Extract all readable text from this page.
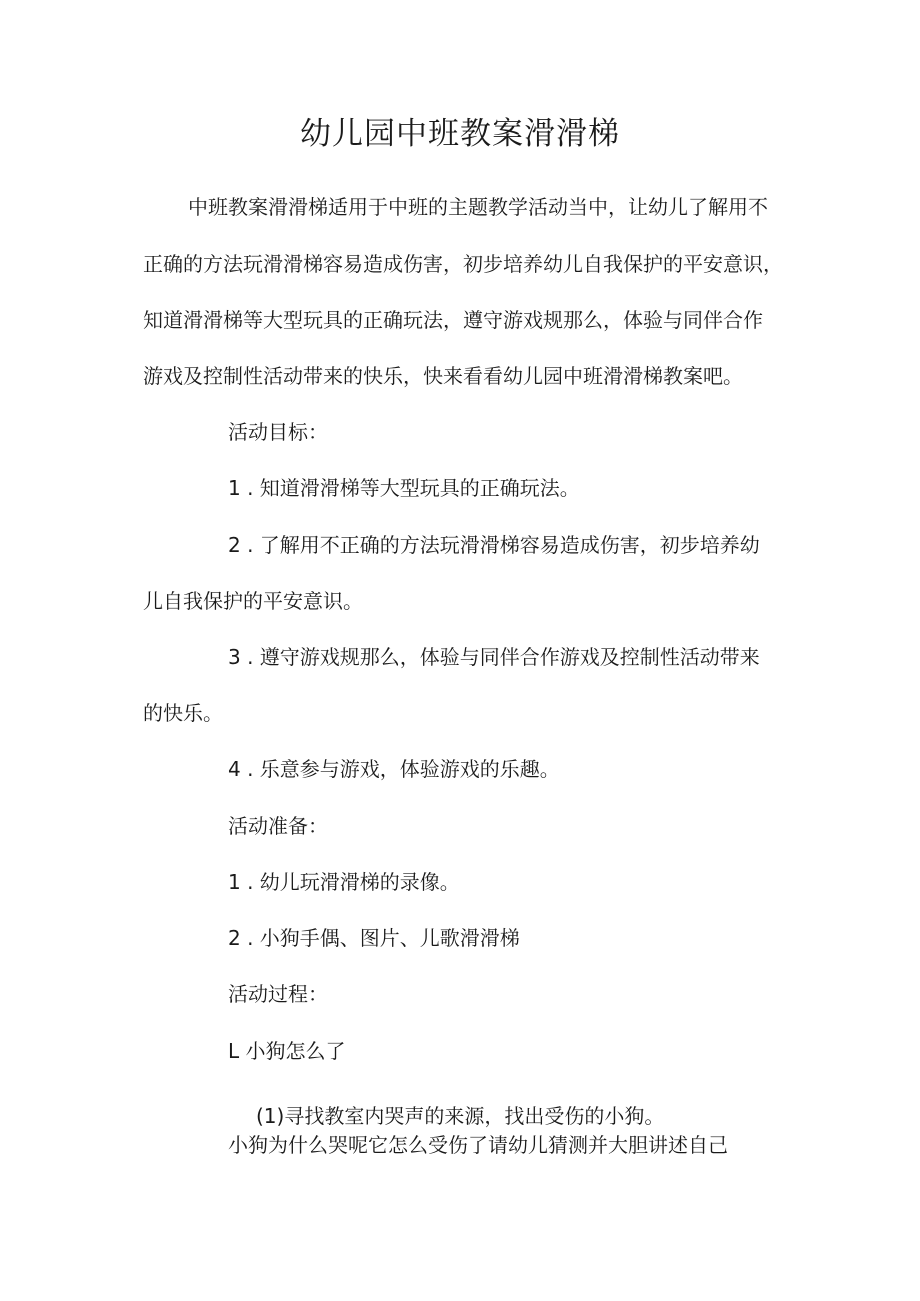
幼儿园中班教案滑滑梯
中班教案滑滑梯适用于中班的主题教学活动当中，让幼儿了解用不
正确的方法玩滑滑梯容易造成伤害，初步培养幼儿自我保护的平安意识，
知道滑滑梯等大型玩具的正确玩法，遵守游戏规那么，体验与同伴合作
游戏及控制性活动带来的快乐，快来看看幼儿园中班滑滑梯教案吧。
活动目标：
1 . 知道滑滑梯等大型玩具的正确玩法。
2 . 了解用不正确的方法玩滑滑梯容易造成伤害，初步培养幼
儿自我保护的平安意识。
3 . 遵守游戏规那么，体验与同伴合作游戏及控制性活动带来
的快乐。
4 . 乐意参与游戏，体验游戏的乐趣。
活动准备：
1 . 幼儿玩滑滑梯的录像。
2 . 小狗手偶、图片、儿歌滑滑梯
活动过程：
L 小狗怎么了
(1)寻找教室内哭声的来源，找出受伤的小狗。
小狗为什么哭呢它怎么受伤了请幼儿猜测并大胆讲述自己
